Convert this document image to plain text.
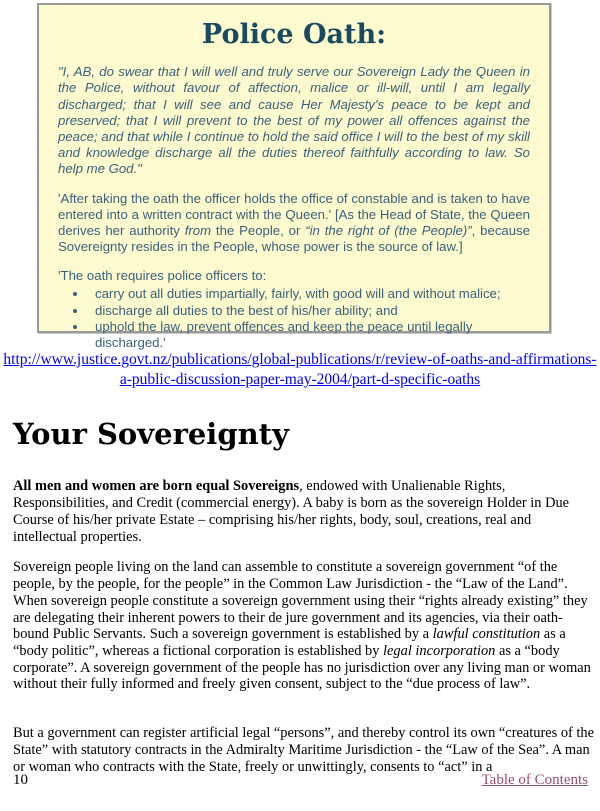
Police Oath:

"I, AB, do swear that I will well and truly serve our Sovereign Lady the Queen in the Police, without favour of affection, malice or ill-will, until I am legally discharged; that I will see and cause Her Majesty's peace to be kept and preserved; that I will prevent to the best of my power all offences against the peace; and that while I continue to hold the said office I will to the best of my skill and knowledge discharge all the duties thereof faithfully according to law. So help me God."

'After taking the oath the officer holds the office of constable and is taken to have entered into a written contract with the Queen.' [As the Head of State, the Queen derives her authority from the People, or “in the right of (the People)”, because Sovereignty resides in the People, whose power is the source of law.]

'The oath requires police officers to:

• carry out all duties impartially, fairly, with good will and without malice;
• discharge all duties to the best of his/her ability; and
• uphold the law, prevent offences and keep the peace until legally discharged.'
http://www.justice.govt.nz/publications/global-publications/r/review-of-oaths-and-affirmations-
a-public-discussion-paper-may-2004/part-d-specific-oaths
Your Sovereignty

All men and women are born equal Sovereigns, endowed with Unalienable Rights, Responsibilities, and Credit (commercial energy). A baby is born as the sovereign Holder in Due Course of his/her private Estate – comprising his/her rights, body, soul, creations, real and intellectual properties.

Sovereign people living on the land can assemble to constitute a sovereign government “of the people, by the people, for the people” in the Common Law Jurisdiction - the “Law of the Land”. When sovereign people constitute a sovereign government using their “rights already existing” they are delegating their inherent powers to their de jure government and its agencies, via their oath-bound Public Servants. Such a sovereign government is established by a lawful constitution as a “body politic”, whereas a fictional corporation is established by legal incorporation as a “body corporate”. A sovereign government of the people has no jurisdiction over any living man or woman without their fully informed and freely given consent, subject to the “due process of law”.

But a government can register artificial legal “persons”, and thereby control its own “creatures of the State” with statutory contracts in the Admiralty Maritime Jurisdiction - the “Law of the Sea”. A man or woman who contracts with the State, freely or unwittingly, consents to “act” in a

10	Table of Contents
